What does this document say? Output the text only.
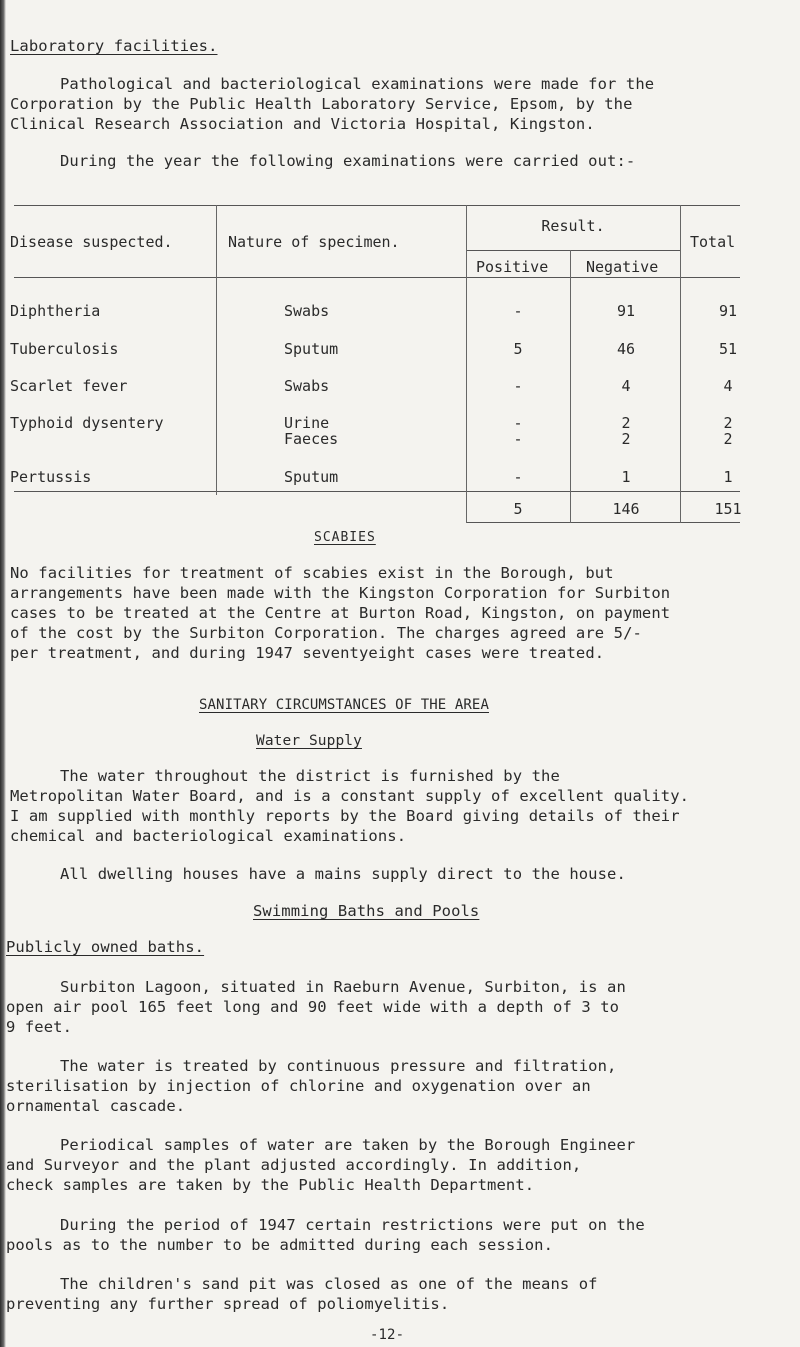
Laboratory facilities.
Pathological and bacteriological examinations were made for the
Corporation by the Public Health Laboratory Service, Epsom, by the
Clinical Research Association and Victoria Hospital, Kingston.
During the year the following examinations were carried out:-
Disease suspected.	Nature of specimen.
Result.
Positive	Negative
Total
Diphtheria	Swabs	-	91	91
Tuberculosis	Sputum	5	46	51
Scarlet fever	Swabs	-	4	4
Typhoid dysentery	Urine	-	2	2
Faeces	-	2	2
Pertussis	Sputum	-	1	1
5	146	151
SCABIES
No facilities for treatment of scabies exist in the Borough, but
arrangements have been made with the Kingston Corporation for Surbiton
cases to be treated at the Centre at Burton Road, Kingston, on payment
of the cost by the Surbiton Corporation. The charges agreed are 5/-
per treatment, and during 1947 seventyeight cases were treated.
SANITARY CIRCUMSTANCES OF THE AREA
Water Supply
The water throughout the district is furnished by the
Metropolitan Water Board, and is a constant supply of excellent quality.
I am supplied with monthly reports by the Board giving details of their
chemical and bacteriological examinations.
All dwelling houses have a mains supply direct to the house.
Swimming Baths and Pools
Publicly owned baths.
Surbiton Lagoon, situated in Raeburn Avenue, Surbiton, is an
open air pool 165 feet long and 90 feet wide with a depth of 3 to
9 feet.
The water is treated by continuous pressure and filtration,
sterilisation by injection of chlorine and oxygenation over an
ornamental cascade.
Periodical samples of water are taken by the Borough Engineer
and Surveyor and the plant adjusted accordingly. In addition,
check samples are taken by the Public Health Department.
During the period of 1947 certain restrictions were put on the
pools as to the number to be admitted during each session.
The children's sand pit was closed as one of the means of
preventing any further spread of poliomyelitis.
-12-
